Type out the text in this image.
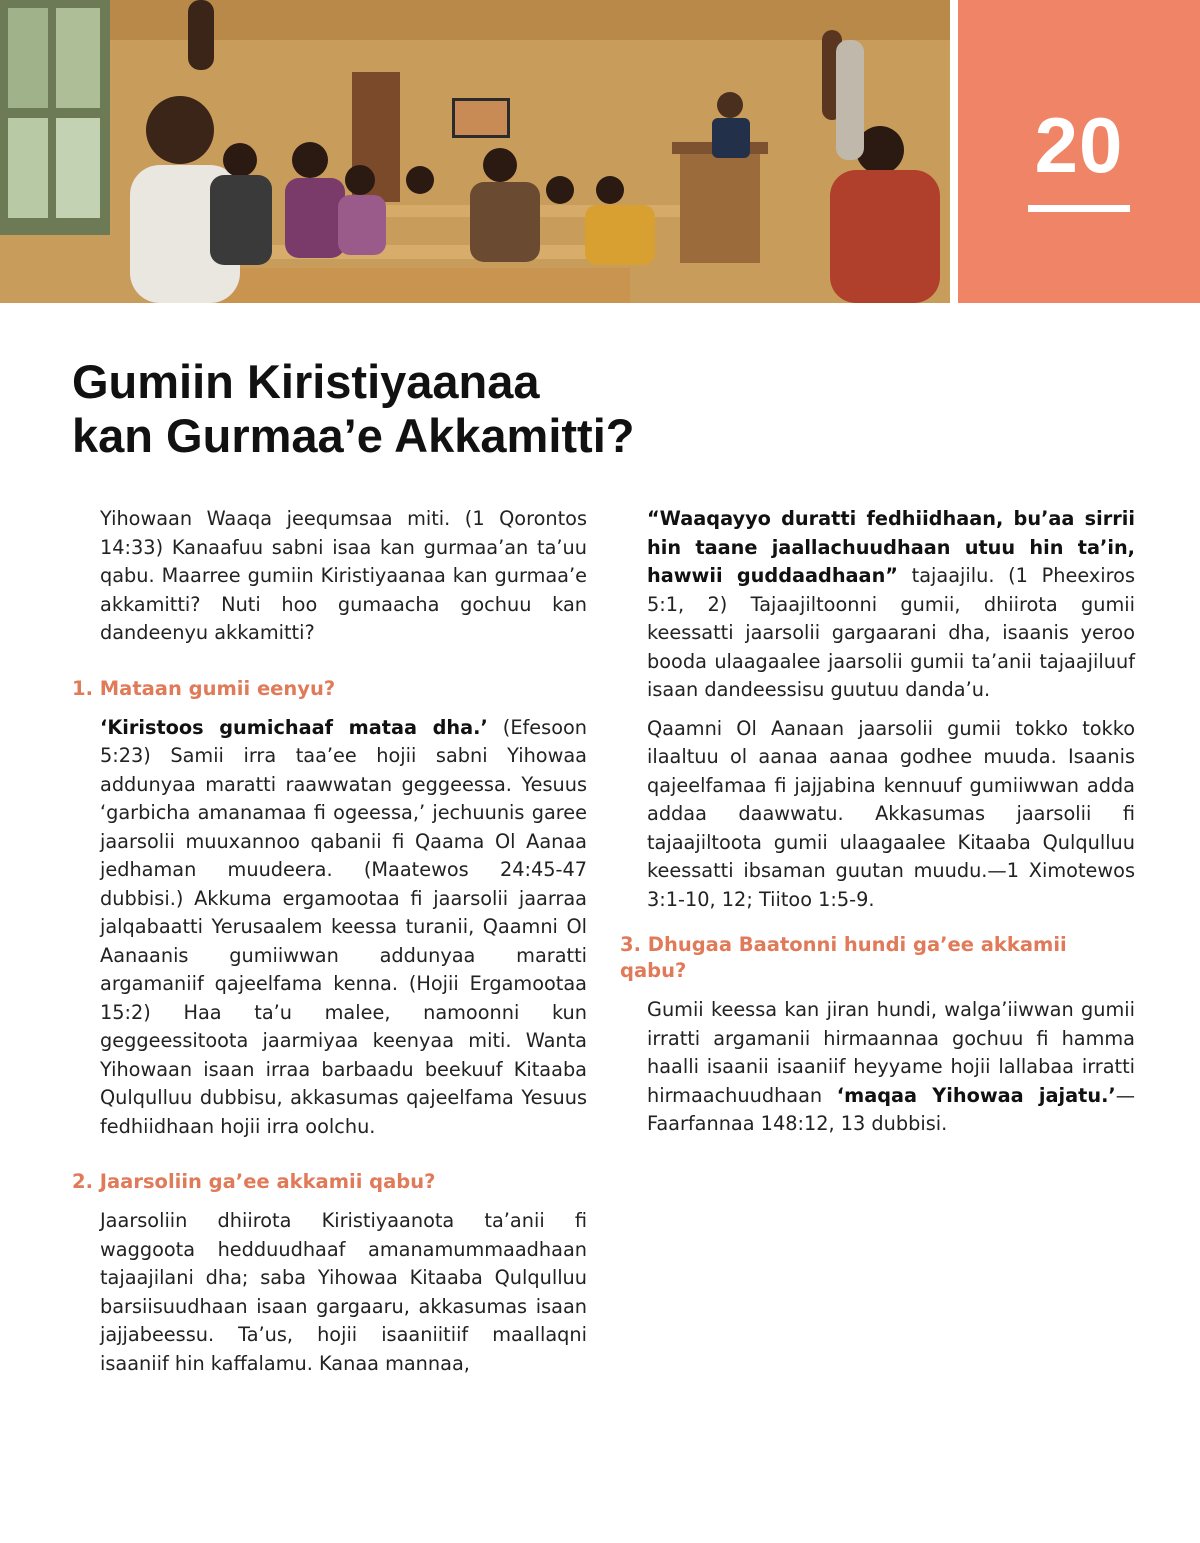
20
Gumiin Kiristiyaanaa
kan Gurmaa’e Akkamitti?

Yihowaan Waaqa jeequmsaa miti. (1 Qorontos 14:33) Kanaafuu sabni isaa kan gurmaa’an ta’uu qabu. Maarree gumiin Kiristiyaanaa kan gurmaa’e akkamitti? Nuti hoo gumaacha gochuu kan dandeenyu akkamitti?

1. Mataan gumii eenyu?

‘Kiristoos gumichaaf mataa dha.’ (Efesoon 5:23) Samii irra taa’ee hojii sabni Yihowaa addunyaa maratti raawwatan geggeessa. Yesuus ‘garbicha amanamaa fi ogeessa,’ jechuunis garee jaarsolii muuxannoo qabanii fi Qaama Ol Aanaa jedhaman muudeera. (Maatewos 24:45-47 dubbisi.) Akkuma ergamootaa fi jaarsolii jaarraa jalqabaatti Yerusaalem keessa turanii, Qaamni Ol Aanaanis gumiiwwan addunyaa maratti argamaniif qajeelfama kenna. (Hojii Ergamootaa 15:2) Haa ta’u malee, namoonni kun geggeessitoota jaarmiyaa keenyaa miti. Wanta Yihowaan isaan irraa barbaadu beekuuf Kitaaba Qulqulluu dubbisu, akkasumas qajeelfama Yesuus fedhiidhaan hojii irra oolchu.

2. Jaarsoliin ga’ee akkamii qabu?

Jaarsoliin dhiirota Kiristiyaanota ta’anii fi waggoota hedduudhaaf amanamummaadhaan tajaajilani dha; saba Yihowaa Kitaaba Qulqulluu barsiisuudhaan isaan gargaaru, akkasumas isaan jajjabeessu. Ta’us, hojii isaaniitiif maallaqni isaaniif hin kaffalamu. Kanaa mannaa,

“Waaqayyo duratti fedhiidhaan, bu’aa sirrii hin taane jaallachuudhaan utuu hin ta’in, hawwii guddaadhaan” tajaajilu. (1 Pheexiros 5:1, 2) Tajaajiltoonni gumii, dhiirota gumii keessatti jaarsolii gargaarani dha, isaanis yeroo booda ulaagaalee jaarsolii gumii ta’anii tajaajiluuf isaan dandeessisu guutuu danda’u.

Qaamni Ol Aanaan jaarsolii gumii tokko tokko ilaaltuu ol aanaa aanaa godhee muuda. Isaanis qajeelfamaa fi jajjabina kennuuf gumiiwwan adda addaa daawwatu. Akkasumas jaarsolii fi tajaajiltoota gumii ulaagaalee Kitaaba Qulqulluu keessatti ibsaman guutan muudu.—1 Ximotewos 3:1-10, 12; Tiitoo 1:5-9.

3. Dhugaa Baatonni hundi ga’ee akkamii qabu?

Gumii keessa kan jiran hundi, walga’iiwwan gumii irratti argamanii hirmaannaa gochuu fi hamma haalli isaanii isaaniif heyyame hojii lallabaa irratti hirmaachuudhaan ‘maqaa Yihowaa jajatu.’—Faarfannaa 148:12, 13 dubbisi.
